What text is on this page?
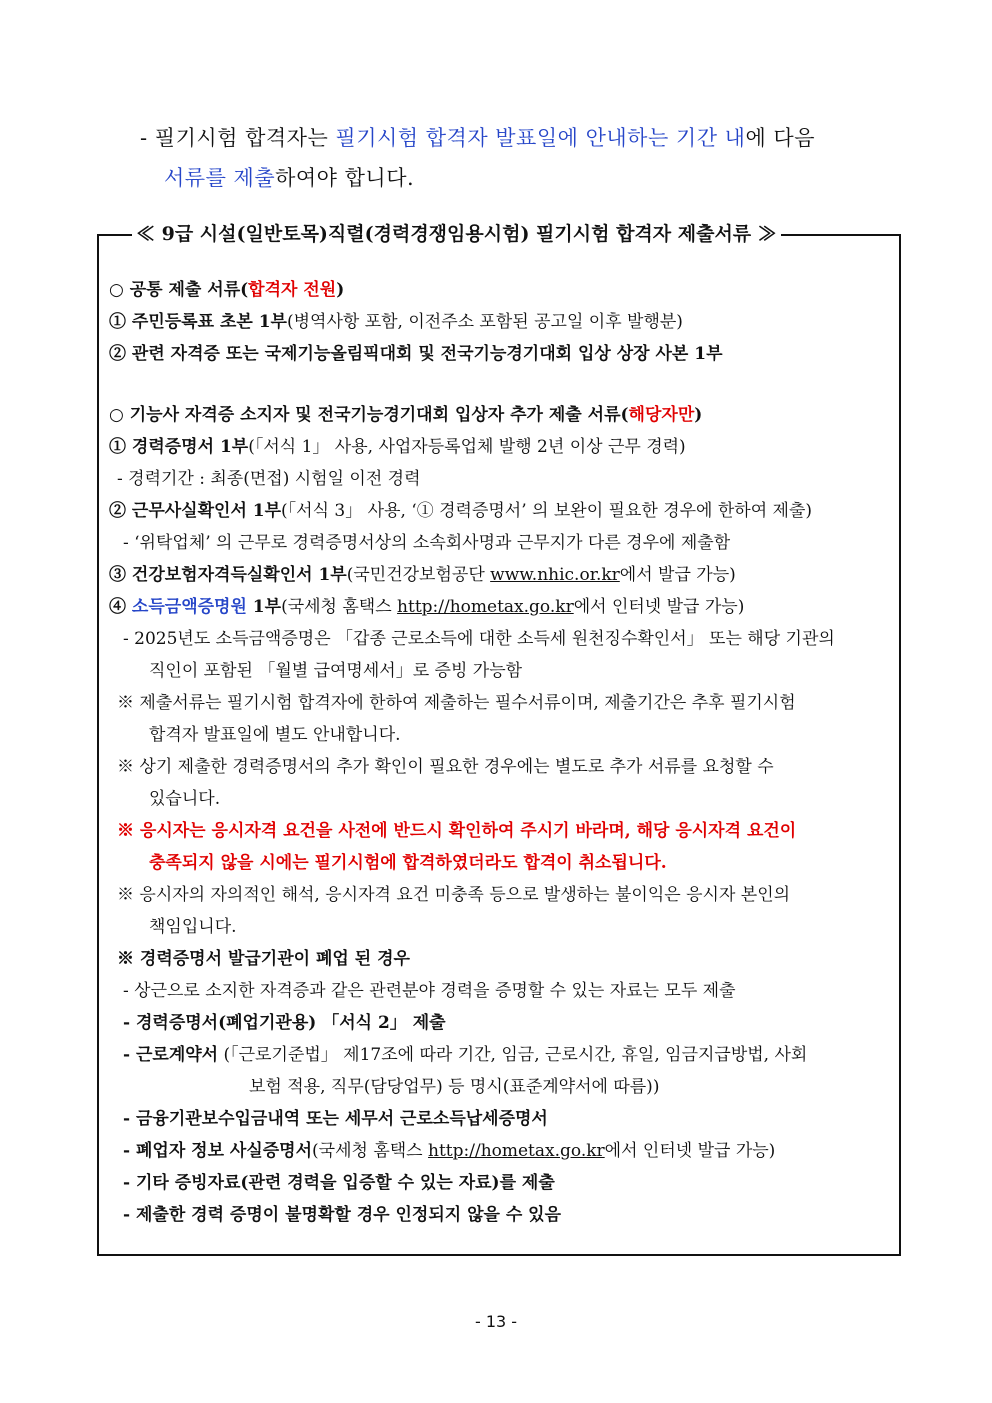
- 필기시험 합격자는 필기시험 합격자 발표일에 안내하는 기간 내에 다음
서류를 제출하여야 합니다.
≪ 9급 시설(일반토목)직렬(경력경쟁임용시험) 필기시험 합격자 제출서류 ≫
○ 공통 제출 서류(합격자 전원)
① 주민등록표 초본 1부(병역사항 포함, 이전주소 포함된 공고일 이후 발행분)
② 관련 자격증 또는 국제기능올림픽대회 및 전국기능경기대회 입상 상장 사본 1부
○ 기능사 자격증 소지자 및 전국기능경기대회 입상자 추가 제출 서류(해당자만)
① 경력증명서 1부(「서식 1」 사용, 사업자등록업체 발행 2년 이상 근무 경력)
- 경력기간 : 최종(면접) 시험일 이전 경력
② 근무사실확인서 1부(「서식 3」 사용, ‘① 경력증명서’ 의 보완이 필요한 경우에 한하여 제출)
- ‘위탁업체’ 의 근무로 경력증명서상의 소속회사명과 근무지가 다른 경우에 제출함
③ 건강보험자격득실확인서 1부(국민건강보험공단 www.nhic.or.kr에서 발급 가능)
④ 소득금액증명원 1부(국세청 홈택스 http://hometax.go.kr에서 인터넷 발급 가능)
- 2025년도 소득금액증명은 「갑종 근로소득에 대한 소득세 원천징수확인서」 또는 해당 기관의
직인이 포함된 「월별 급여명세서」로 증빙 가능함
※ 제출서류는 필기시험 합격자에 한하여 제출하는 필수서류이며, 제출기간은 추후 필기시험
합격자 발표일에 별도 안내합니다.
※ 상기 제출한 경력증명서의 추가 확인이 필요한 경우에는 별도로 추가 서류를 요청할 수
있습니다.
※ 응시자는 응시자격 요건을 사전에 반드시 확인하여 주시기 바라며, 해당 응시자격 요건이
충족되지 않을 시에는 필기시험에 합격하였더라도 합격이 취소됩니다.
※ 응시자의 자의적인 해석, 응시자격 요건 미충족 등으로 발생하는 불이익은 응시자 본인의
책임입니다.
※ 경력증명서 발급기관이 폐업 된 경우
- 상근으로 소지한 자격증과 같은 관련분야 경력을 증명할 수 있는 자료는 모두 제출
- 경력증명서(폐업기관용) 「서식 2」 제출
- 근로계약서 (「근로기준법」 제17조에 따라 기간, 임금, 근로시간, 휴일, 임금지급방법, 사회
보험 적용, 직무(담당업무) 등 명시(표준계약서에 따름))
- 금융기관보수입금내역 또는 세무서 근로소득납세증명서
- 폐업자 정보 사실증명서(국세청 홈택스 http://hometax.go.kr에서 인터넷 발급 가능)
- 기타 증빙자료(관련 경력을 입증할 수 있는 자료)를 제출
- 제출한 경력 증명이 불명확할 경우 인정되지 않을 수 있음
- 13 -
